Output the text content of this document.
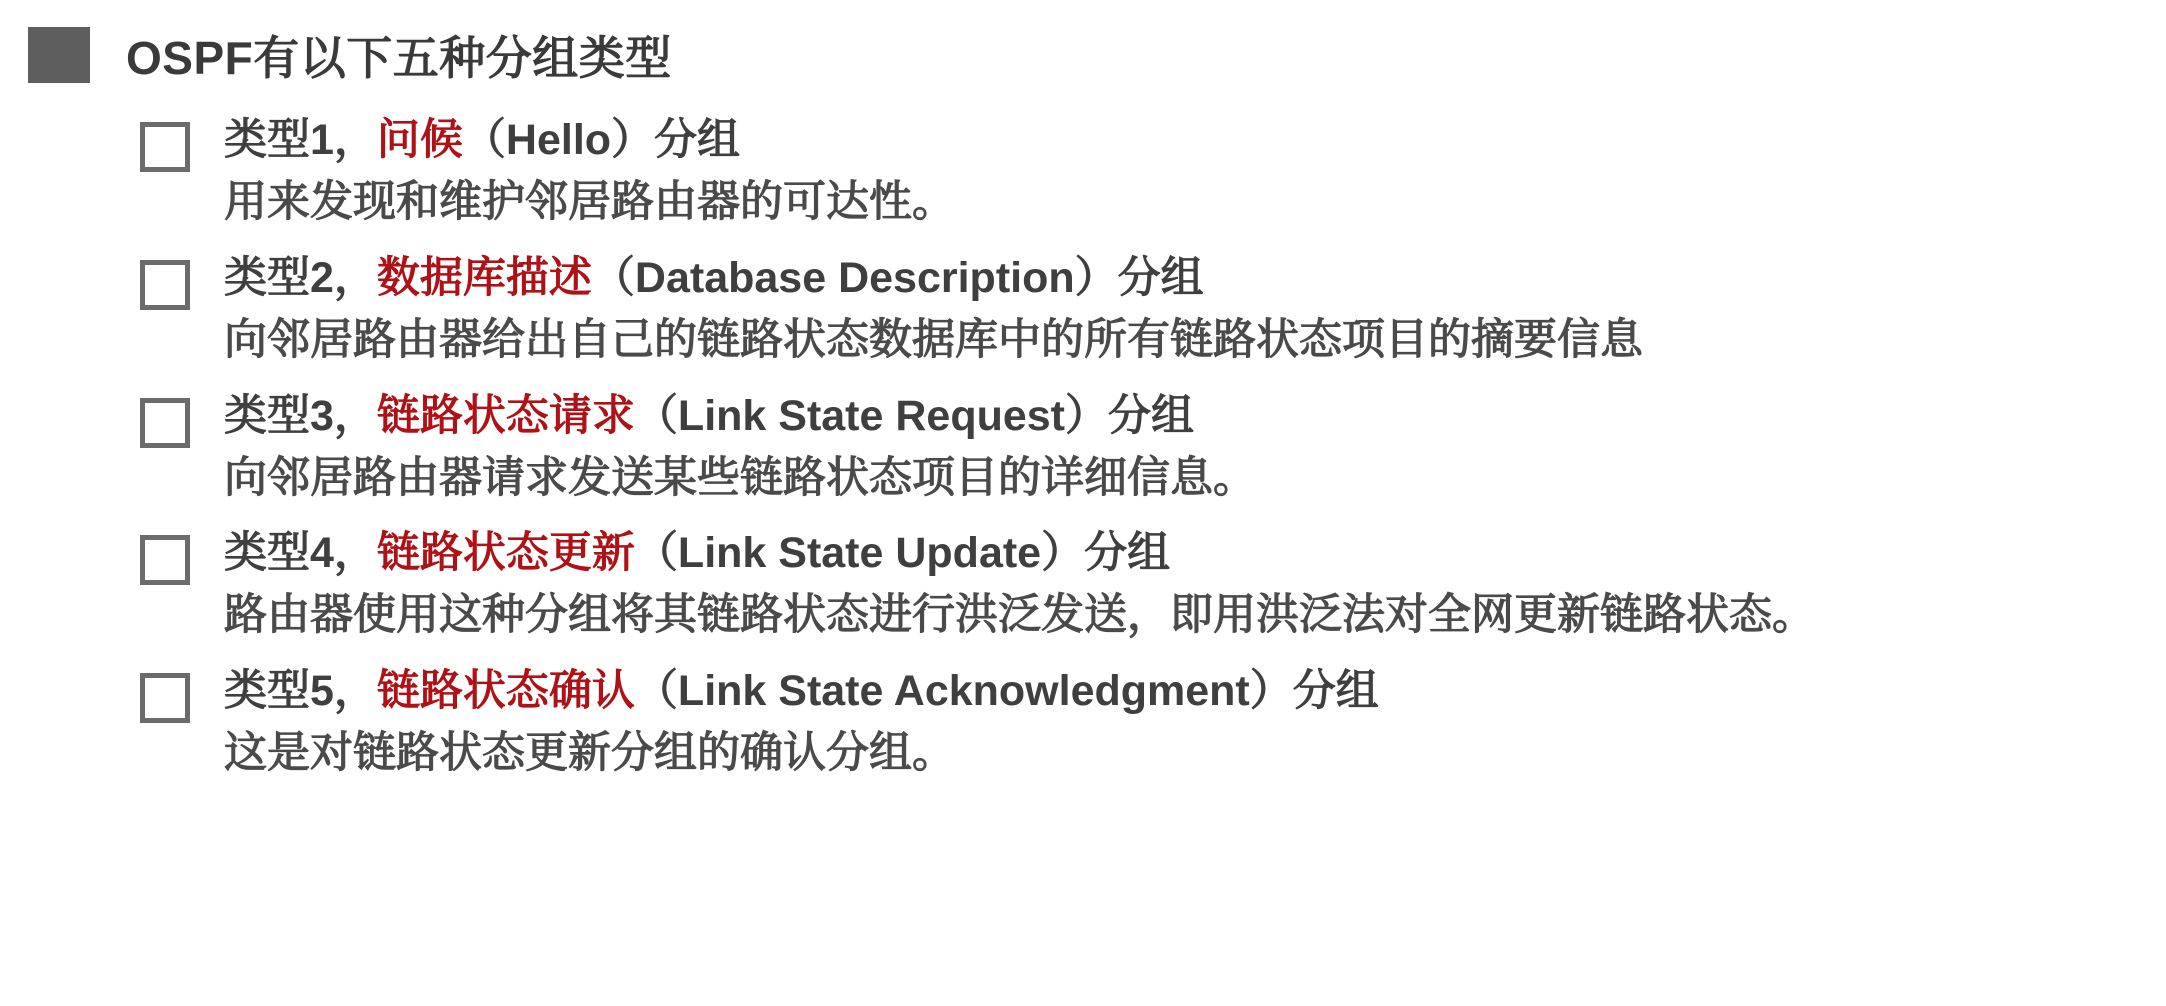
OSPF有以下五种分组类型
类型1，问候（Hello）分组
用来发现和维护邻居路由器的可达性。
类型2，数据库描述（Database Description）分组
向邻居路由器给出自己的链路状态数据库中的所有链路状态项目的摘要信息
类型3，链路状态请求（Link State Request）分组
向邻居路由器请求发送某些链路状态项目的详细信息。
类型4，链路状态更新（Link State Update）分组
路由器使用这种分组将其链路状态进行洪泛发送，即用洪泛法对全网更新链路状态。
类型5，链路状态确认（Link State Acknowledgment）分组
这是对链路状态更新分组的确认分组。
